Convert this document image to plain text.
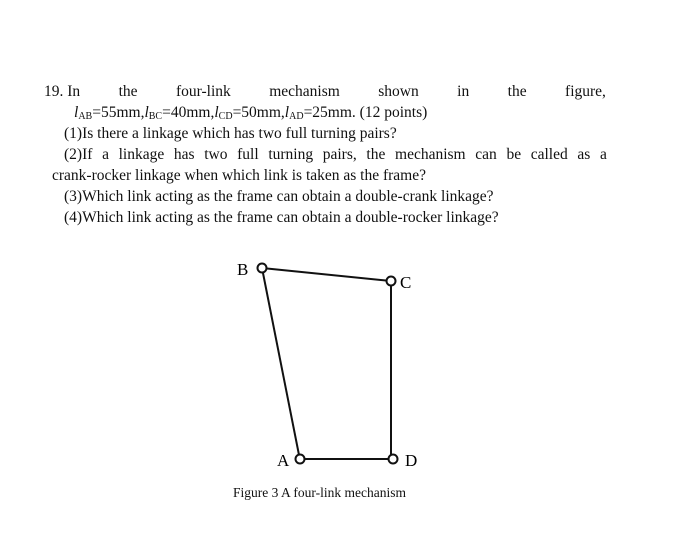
19. In the four-link mechanism shown in the figure,
$l_{AB}=55mm,l_{BC}=40mm,l_{CD}=50mm,l_{AD}=25mm$. (12 points)
(1)Is there a linkage which has two full turning pairs?
(2)If a linkage has two full turning pairs, the mechanism can be called as a
crank-rocker linkage when which link is taken as the frame?
(3)Which link acting as the frame can obtain a double-crank linkage?
(4)Which link acting as the frame can obtain a double-rocker linkage?
B
C
A	D
Figure 3 A four-link mechanism
